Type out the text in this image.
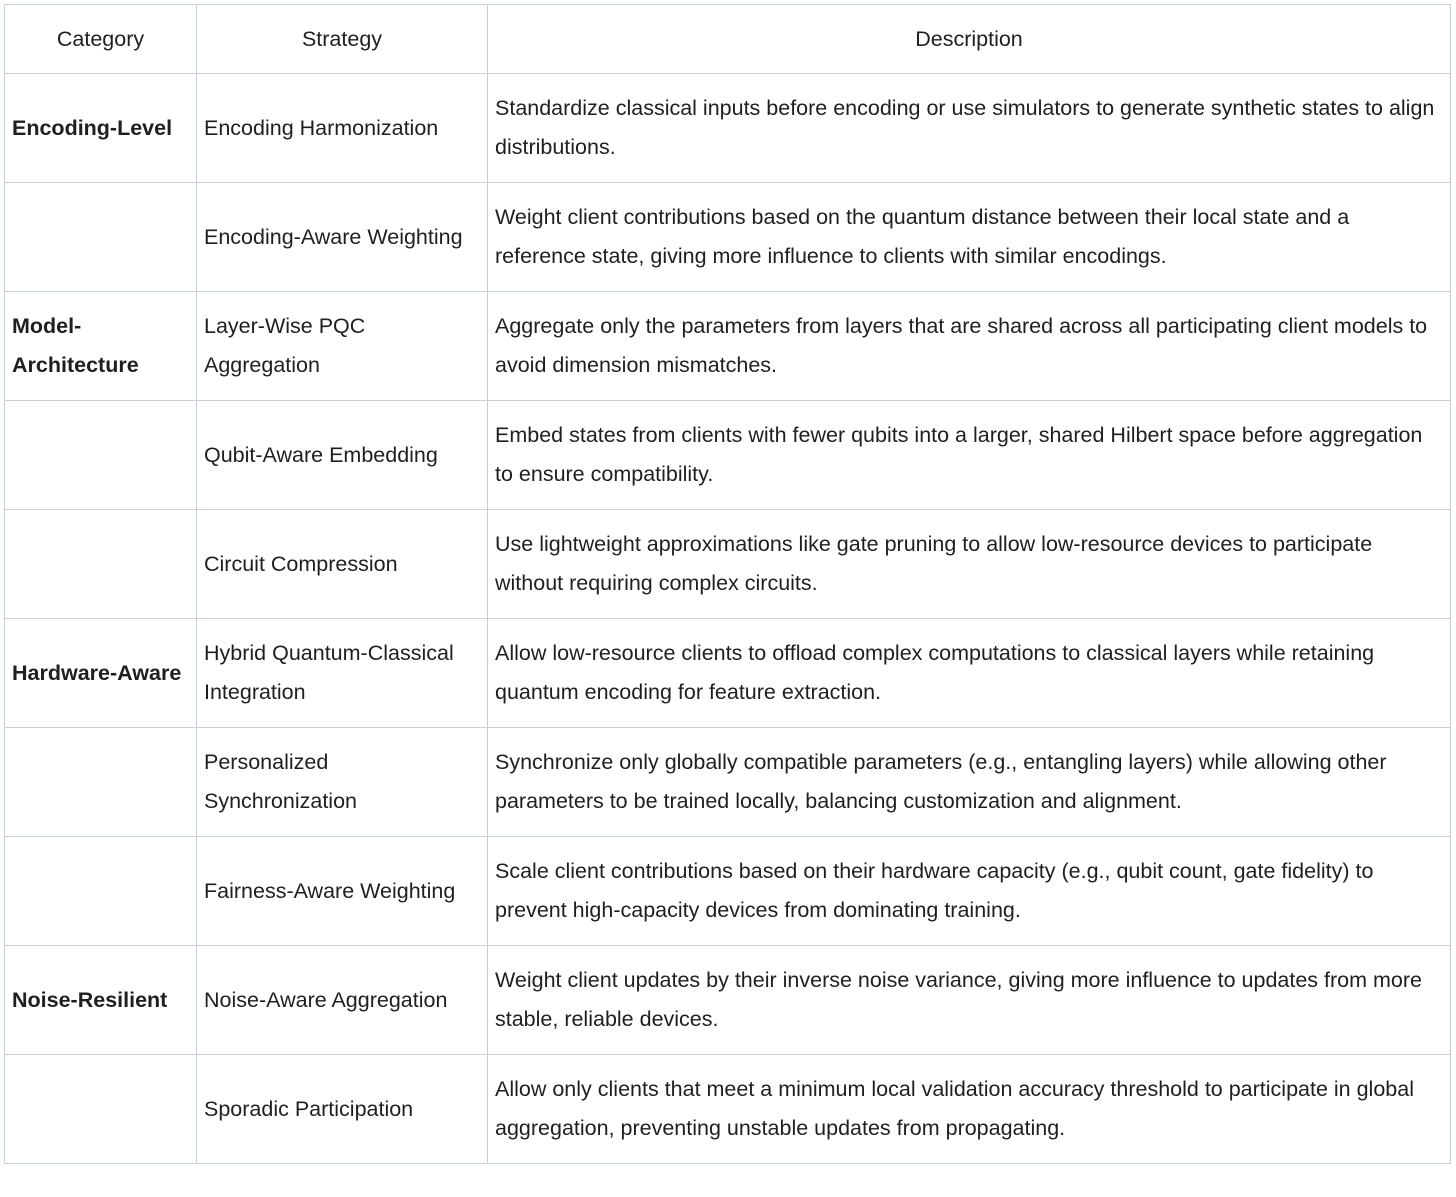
Category	Strategy	Description
Encoding-Level	Encoding Harmonization	Standardize classical inputs before encoding or use simulators to generate synthetic states to align distributions.
	Encoding-Aware Weighting	Weight client contributions based on the quantum distance between their local state and a reference state, giving more influence to clients with similar encodings.
Model-Architecture	Layer-Wise PQC Aggregation	Aggregate only the parameters from layers that are shared across all participating client models to avoid dimension mismatches.
	Qubit-Aware Embedding	Embed states from clients with fewer qubits into a larger, shared Hilbert space before aggregation to ensure compatibility.
	Circuit Compression	Use lightweight approximations like gate pruning to allow low-resource devices to participate without requiring complex circuits.
Hardware-Aware	Hybrid Quantum-Classical Integration	Allow low-resource clients to offload complex computations to classical layers while retaining quantum encoding for feature extraction.
	Personalized Synchronization	Synchronize only globally compatible parameters (e.g., entangling layers) while allowing other parameters to be trained locally, balancing customization and alignment.
	Fairness-Aware Weighting	Scale client contributions based on their hardware capacity (e.g., qubit count, gate fidelity) to prevent high-capacity devices from dominating training.
Noise-Resilient	Noise-Aware Aggregation	Weight client updates by their inverse noise variance, giving more influence to updates from more stable, reliable devices.
	Sporadic Participation	Allow only clients that meet a minimum local validation accuracy threshold to participate in global aggregation, preventing unstable updates from propagating.
